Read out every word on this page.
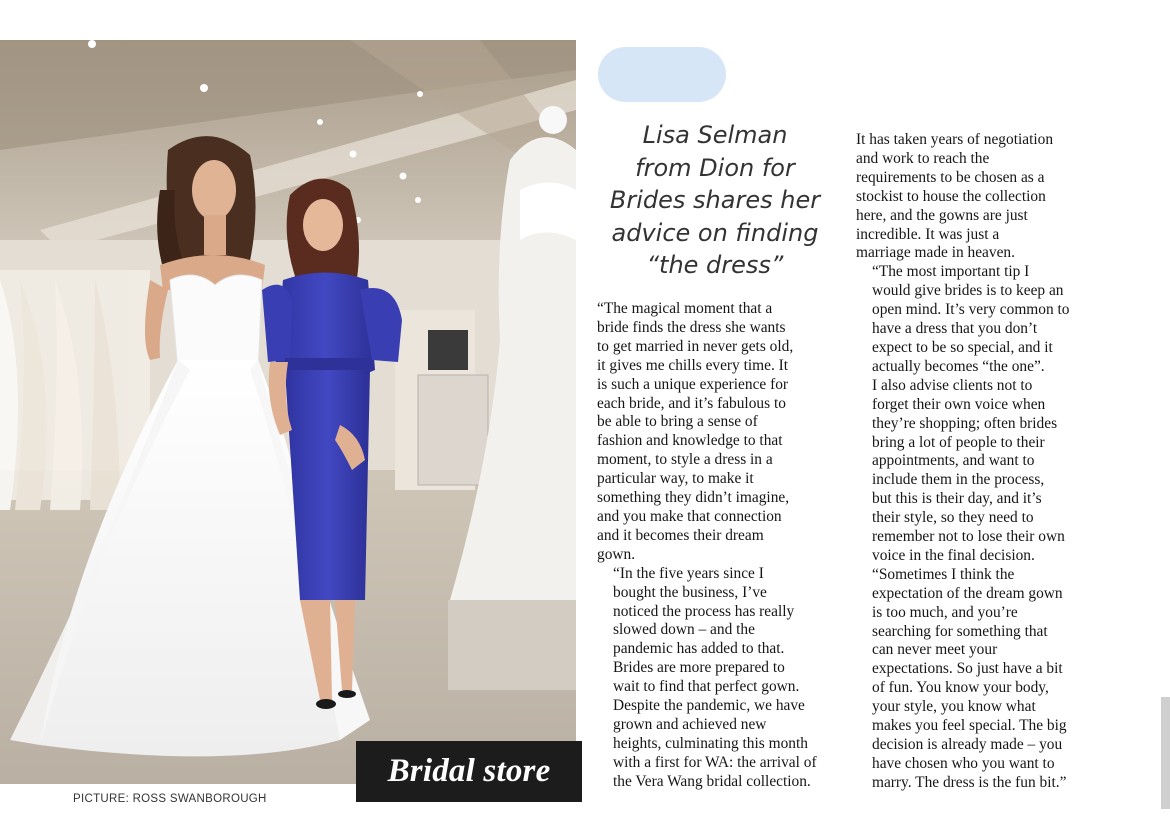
PICTURE: ROSS SWANBOROUGH
Bridal store
Lisa Selman
from Dion for
Brides shares her
advice on finding
“the dress”

“The magical moment that a
bride finds the dress she wants
to get married in never gets old,
it gives me chills every time. It
is such a unique experience for
each bride, and it’s fabulous to
be able to bring a sense of
fashion and knowledge to that
moment, to style a dress in a
particular way, to make it
something they didn’t imagine,
and you make that connection
and it becomes their dream
gown.

“In the five years since I
bought the business, I’ve
noticed the process has really
slowed down – and the
pandemic has added to that.
Brides are more prepared to
wait to find that perfect gown.
Despite the pandemic, we have
grown and achieved new
heights, culminating this month
with a first for WA: the arrival of
the Vera Wang bridal collection.

It has taken years of negotiation
and work to reach the
requirements to be chosen as a
stockist to house the collection
here, and the gowns are just
incredible. It was just a
marriage made in heaven.

“The most important tip I
would give brides is to keep an
open mind. It’s very common to
have a dress that you don’t
expect to be so special, and it
actually becomes “the one”.

I also advise clients not to
forget their own voice when
they’re shopping; often brides
bring a lot of people to their
appointments, and want to
include them in the process,
but this is their day, and it’s
their style, so they need to
remember not to lose their own
voice in the final decision.

“Sometimes I think the
expectation of the dream gown
is too much, and you’re
searching for something that
can never meet your
expectations. So just have a bit
of fun. You know your body,
your style, you know what
makes you feel special. The big
decision is already made – you
have chosen who you want to
marry. The dress is the fun bit.”
